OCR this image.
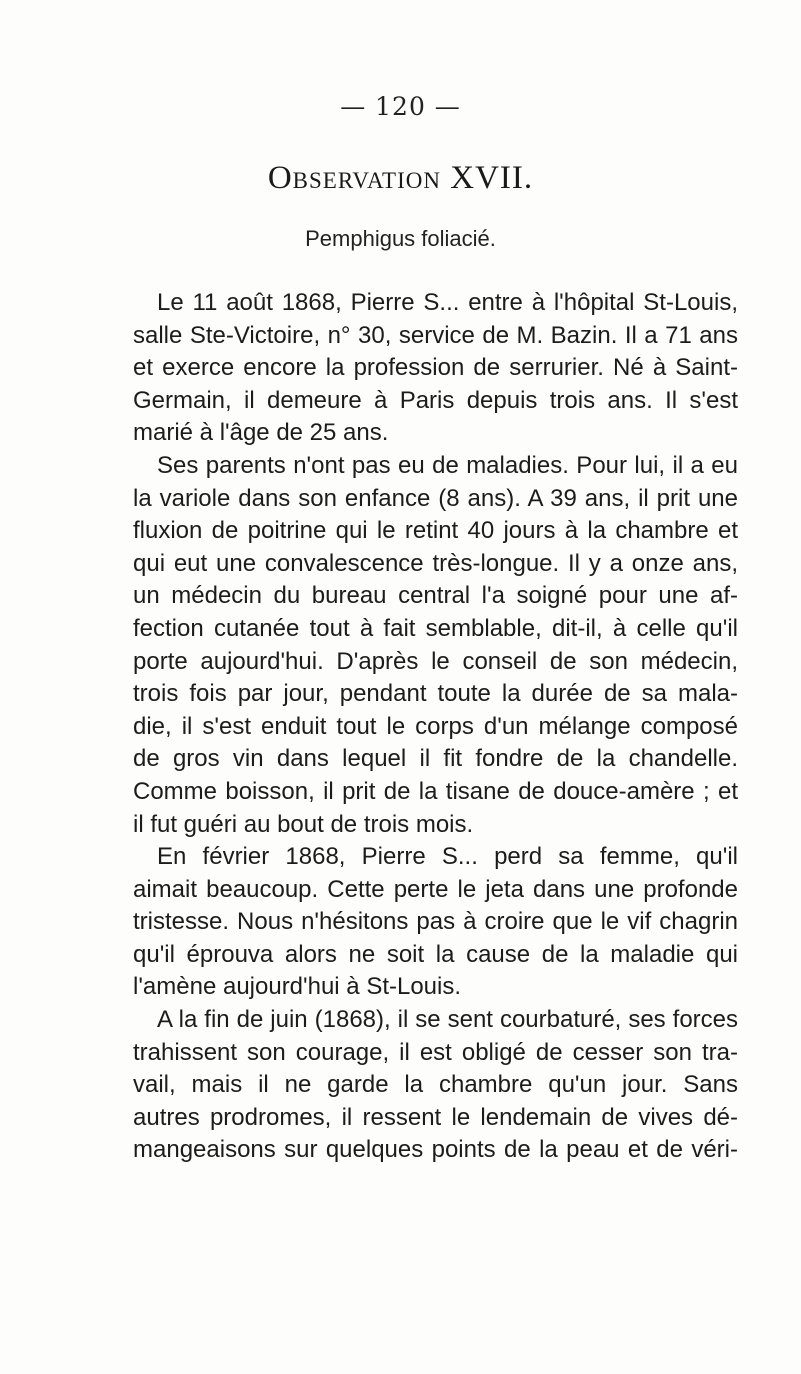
— 120 —
Observation XVII.
Pemphigus foliacié.
Le 11 août 1868, Pierre S... entre à l'hôpital St-Louis,
salle Ste-Victoire, n° 30, service de M. Bazin. Il a 71 ans
et exerce encore la profession de serrurier. Né à Saint-
Germain, il demeure à Paris depuis trois ans. Il s'est
marié à l'âge de 25 ans.
Ses parents n'ont pas eu de maladies. Pour lui, il a eu
la variole dans son enfance (8 ans). A 39 ans, il prit une
fluxion de poitrine qui le retint 40 jours à la chambre et
qui eut une convalescence très-longue. Il y a onze ans,
un médecin du bureau central l'a soigné pour une af-
fection cutanée tout à fait semblable, dit-il, à celle qu'il
porte aujourd'hui. D'après le conseil de son médecin,
trois fois par jour, pendant toute la durée de sa mala-
die, il s'est enduit tout le corps d'un mélange composé
de gros vin dans lequel il fit fondre de la chandelle.
Comme boisson, il prit de la tisane de douce-amère ; et
il fut guéri au bout de trois mois.
En février 1868, Pierre S... perd sa femme, qu'il
aimait beaucoup. Cette perte le jeta dans une profonde
tristesse. Nous n'hésitons pas à croire que le vif chagrin
qu'il éprouva alors ne soit la cause de la maladie qui
l'amène aujourd'hui à St-Louis.
A la fin de juin (1868), il se sent courbaturé, ses forces
trahissent son courage, il est obligé de cesser son tra-
vail, mais il ne garde la chambre qu'un jour. Sans
autres prodromes, il ressent le lendemain de vives dé-
mangeaisons sur quelques points de la peau et de véri-
